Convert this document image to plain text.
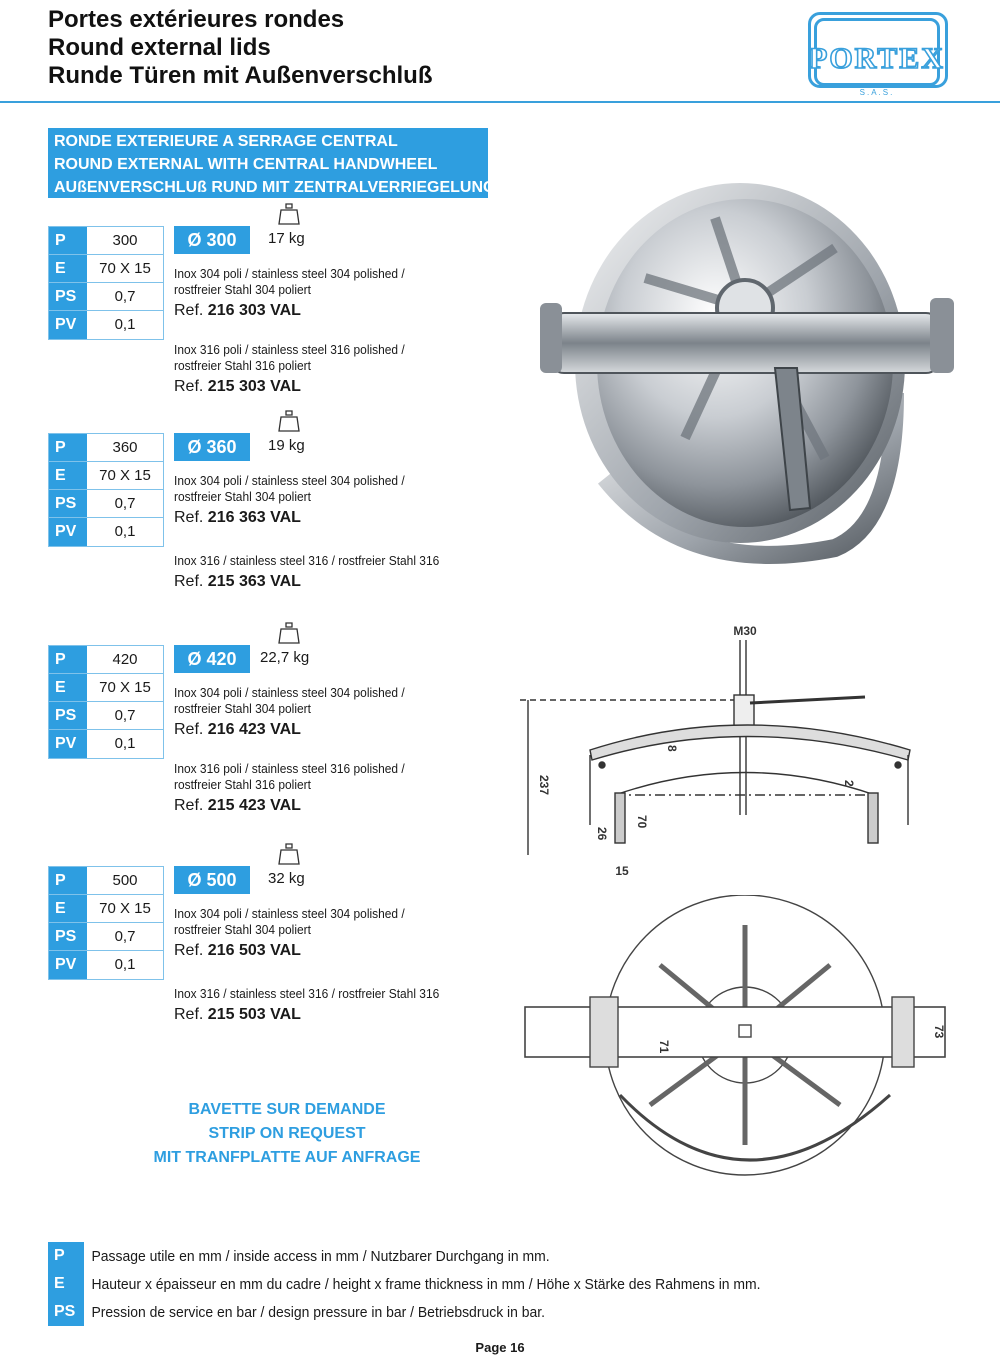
Portes extérieures rondes
Round external lids
Runde Türen mit Außenverschluß
PORTEX
S.A.S.
RONDE EXTERIEURE A SERRAGE CENTRAL
ROUND EXTERNAL WITH CENTRAL HANDWHEEL
AUßENVERSCHLUß RUND MIT ZENTRALVERRIEGELUNG
P	300
E	70 X 15
PS	0,7
PV	0,1
Ø 300	17 kg
Inox 304 poli / stainless steel 304 polished /
rostfreier Stahl 304 poliert
Ref. 216 303 VAL
Inox 316 poli / stainless steel 316 polished /
rostfreier Stahl 316 poliert
Ref. 215 303 VAL
P	360
E	70 X 15
PS	0,7
PV	0,1
Ø 360	19 kg
Inox 304 poli / stainless steel 304 polished /
rostfreier Stahl 304 poliert
Ref. 216 363 VAL
Inox 316 / stainless steel 316 / rostfreier Stahl 316
Ref. 215 363 VAL
P	420
E	70 X 15
PS	0,7
PV	0,1
Ø 420	22,7 kg
Inox 304 poli / stainless steel 304 polished /
rostfreier Stahl 304 poliert
Ref. 216 423 VAL
Inox 316 poli / stainless steel 316 polished /
rostfreier Stahl 316 poliert
Ref. 215 423 VAL
P	500
E	70 X 15
PS	0,7
PV	0,1
Ø 500	32 kg
Inox 304 poli / stainless steel 304 polished /
rostfreier Stahl 304 poliert
Ref. 216 503 VAL
Inox 316 / stainless steel 316 / rostfreier Stahl 316
Ref. 215 503 VAL
BAVETTE SUR DEMANDE
STRIP ON REQUEST
MIT TRANFPLATTE AUF ANFRAGE
P	Passage utile en mm / inside access in mm / Nutzbarer Durchgang in mm.
E	Hauteur x épaisseur en mm du cadre / height x frame thickness in mm / Höhe x Stärke des Rahmens in mm.
PS	Pression de service en bar / design pressure in bar / Betriebsdruck in bar.
Page 16
M30
237
8
2
70
26
15
71
73
